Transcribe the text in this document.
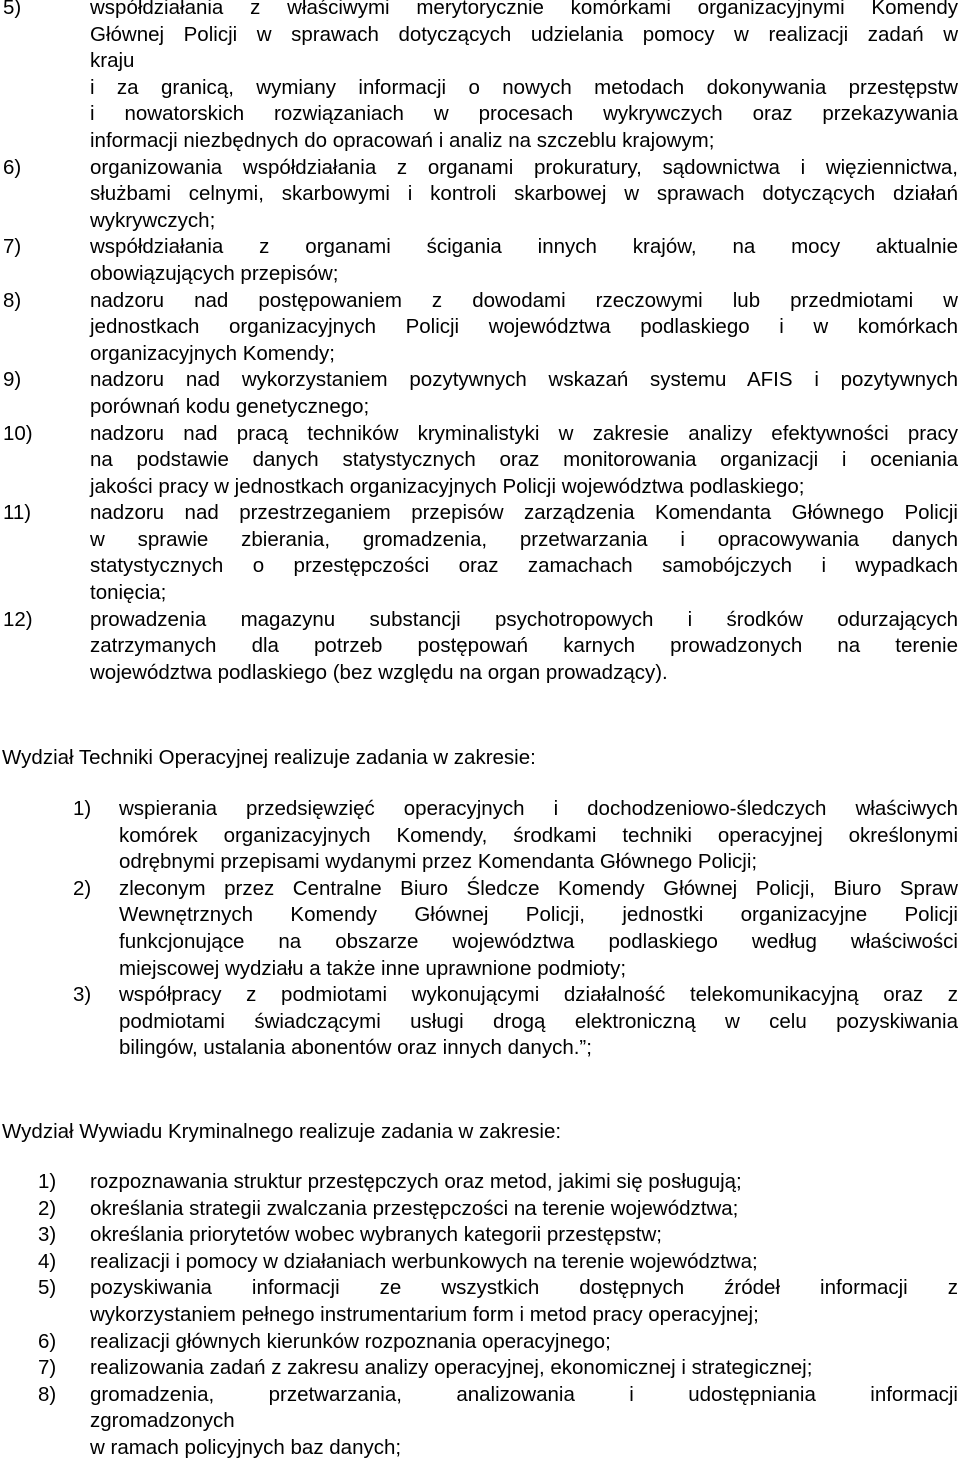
5)	współdziałania z właściwymi merytorycznie komórkami organizacyjnymi Komendy
Głównej Policji w sprawach dotyczących udzielania pomocy w realizacji zadań w
kraju
i za granicą, wymiany informacji o nowych metodach dokonywania przestępstw
i nowatorskich rozwiązaniach w procesach wykrywczych oraz przekazywania
informacji niezbędnych do opracowań i analiz na szczeblu krajowym;
6)	organizowania współdziałania z organami prokuratury, sądownictwa i więziennictwa,
służbami celnymi, skarbowymi i kontroli skarbowej w sprawach dotyczących działań
wykrywczych;
7)	współdziałania z organami ścigania innych krajów, na mocy aktualnie
obowiązujących przepisów;
8)	nadzoru nad postępowaniem z dowodami rzeczowymi lub przedmiotami w
jednostkach organizacyjnych Policji województwa podlaskiego i w komórkach
organizacyjnych Komendy;
9)	nadzoru nad wykorzystaniem pozytywnych wskazań systemu AFIS i pozytywnych
porównań kodu genetycznego;
10)	nadzoru nad pracą techników kryminalistyki w zakresie analizy efektywności pracy
na podstawie danych statystycznych oraz monitorowania organizacji i oceniania
jakości pracy w jednostkach organizacyjnych Policji województwa podlaskiego;
11)	nadzoru nad przestrzeganiem przepisów zarządzenia Komendanta Głównego Policji
w sprawie zbierania, gromadzenia, przetwarzania i opracowywania danych
statystycznych o przestępczości oraz zamachach samobójczych i wypadkach
tonięcia;
12)	prowadzenia magazynu substancji psychotropowych i środków odurzających
zatrzymanych dla potrzeb postępowań karnych prowadzonych na terenie
województwa podlaskiego (bez względu na organ prowadzący).
Wydział Techniki Operacyjnej realizuje zadania w zakresie:
1) wspierania przedsięwzięć operacyjnych i dochodzeniowo-śledczych właściwych
komórek organizacyjnych Komendy, środkami techniki operacyjnej określonymi
odrębnymi przepisami wydanymi przez Komendanta Głównego Policji;
2) zleconym przez Centralne Biuro Śledcze Komendy Głównej Policji, Biuro Spraw
Wewnętrznych Komendy Głównej Policji, jednostki organizacyjne Policji
funkcjonujące na obszarze województwa podlaskiego według właściwości
miejscowej wydziału a także inne uprawnione podmioty;
3) współpracy z podmiotami wykonującymi działalność telekomunikacyjną oraz z
podmiotami świadczącymi usługi drogą elektroniczną w celu pozyskiwania
bilingów, ustalania abonentów oraz innych danych.”;
Wydział Wywiadu Kryminalnego realizuje zadania w zakresie:
1) rozpoznawania struktur przestępczych oraz metod, jakimi się posługują;
2) określania strategii zwalczania przestępczości na terenie województwa;
3) określania priorytetów wobec wybranych kategorii przestępstw;
4) realizacji i pomocy w działaniach werbunkowych na terenie województwa;
5) pozyskiwania informacji ze wszystkich dostępnych źródeł informacji z
wykorzystaniem pełnego instrumentarium form i metod pracy operacyjnej;
6) realizacji głównych kierunków rozpoznania operacyjnego;
7) realizowania zadań z zakresu analizy operacyjnej, ekonomicznej i strategicznej;
8) gromadzenia, przetwarzania, analizowania i udostępniania informacji
zgromadzonych
w ramach policyjnych baz danych;
